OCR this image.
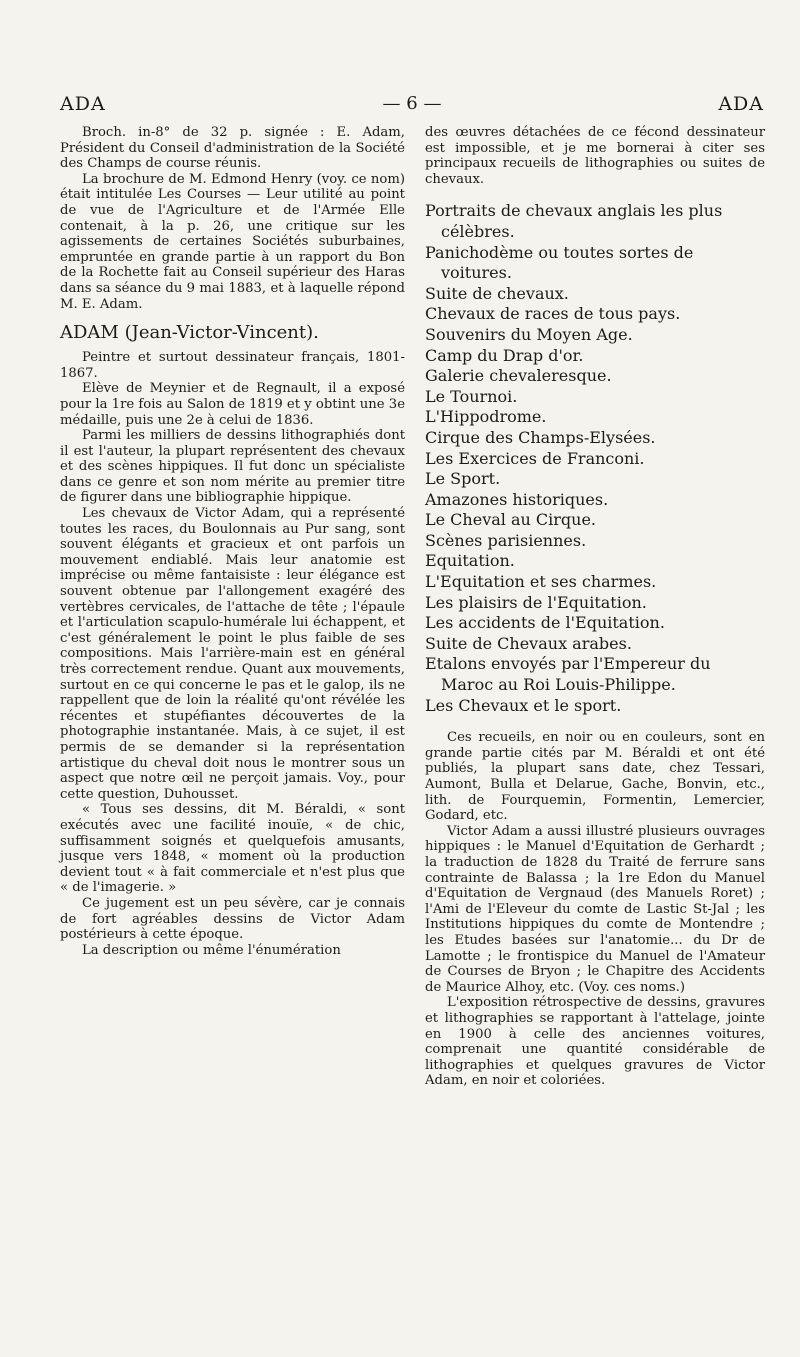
ADA	— 6 —	ADA

Broch. in-8° de 32 p. signée : E. Adam, Président du Conseil d'administration de la Société des Champs de course réunis.

La brochure de M. Edmond Henry (voy. ce nom) était intitulée Les Courses — Leur utilité au point de vue de l'Agriculture et de l'Armée Elle contenait, à la p. 26, une critique sur les agissements de certaines Sociétés suburbaines, empruntée en grande partie à un rapport du Bon de la Rochette fait au Conseil supérieur des Haras dans sa séance du 9 mai 1883, et à laquelle répond M. E. Adam.

ADAM (Jean-Victor-Vincent).

Peintre et surtout dessinateur français, 1801-1867.

Elève de Meynier et de Regnault, il a exposé pour la 1re fois au Salon de 1819 et y obtint une 3e médaille, puis une 2e à celui de 1836.

Parmi les milliers de dessins lithographiés dont il est l'auteur, la plupart représentent des chevaux et des scènes hippiques. Il fut donc un spécialiste dans ce genre et son nom mérite au premier titre de figurer dans une bibliographie hippique.

Les chevaux de Victor Adam, qui a représenté toutes les races, du Boulonnais au Pur sang, sont souvent élégants et gracieux et ont parfois un mouvement endiablé. Mais leur anatomie est imprécise ou même fantaisiste : leur élégance est souvent obtenue par l'allongement exagéré des vertèbres cervicales, de l'attache de tête ; l'épaule et l'articulation scapulo-humérale lui échappent, et c'est généralement le point le plus faible de ses compositions. Mais l'arrière-main est en général très correctement rendue. Quant aux mouvements, surtout en ce qui concerne le pas et le galop, ils ne rappellent que de loin la réalité qu'ont révélée les récentes et stupéfiantes découvertes de la photographie instantanée. Mais, à ce sujet, il est permis de se demander si la représentation artistique du cheval doit nous le montrer sous un aspect que notre œil ne perçoit jamais. Voy., pour cette question, Duhousset.

« Tous ses dessins, dit M. Béraldi, « sont exécutés avec une facilité inouïe, « de chic, suffisamment soignés et quelquefois amusants, jusque vers 1848, « moment où la production devient tout « à fait commerciale et n'est plus que « de l'imagerie. »

Ce jugement est un peu sévère, car je connais de fort agréables dessins de Victor Adam postérieurs à cette époque.

La description ou même l'énumération

des œuvres détachées de ce fécond dessinateur est impossible, et je me bornerai à citer ses principaux recueils de lithographies ou suites de chevaux.

Portraits de chevaux anglais les plus célèbres.
Panichodème ou toutes sortes de voitures.
Suite de chevaux.
Chevaux de races de tous pays.
Souvenirs du Moyen Age.
Camp du Drap d'or.
Galerie chevaleresque.
Le Tournoi.
L'Hippodrome.
Cirque des Champs-Elysées.
Les Exercices de Franconi.
Le Sport.
Amazones historiques.
Le Cheval au Cirque.
Scènes parisiennes.
Equitation.
L'Equitation et ses charmes.
Les plaisirs de l'Equitation.
Les accidents de l'Equitation.
Suite de Chevaux arabes.
Etalons envoyés par l'Empereur du Maroc au Roi Louis-Philippe.
Les Chevaux et le sport.

Ces recueils, en noir ou en couleurs, sont en grande partie cités par M. Béraldi et ont été publiés, la plupart sans date, chez Tessari, Aumont, Bulla et Delarue, Gache, Bonvin, etc., lith. de Fourquemin, Formentin, Lemercier, Godard, etc.

Victor Adam a aussi illustré plusieurs ouvrages hippiques : le Manuel d'Equitation de Gerhardt ; la traduction de 1828 du Traité de ferrure sans contrainte de Balassa ; la 1re Edon du Manuel d'Equitation de Vergnaud (des Manuels Roret) ; l'Ami de l'Eleveur du comte de Lastic St-Jal ; les Institutions hippiques du comte de Montendre ; les Etudes basées sur l'anatomie... du Dr de Lamotte ; le frontispice du Manuel de l'Amateur de Courses de Bryon ; le Chapitre des Accidents de Maurice Alhoy, etc. (Voy. ces noms.)

L'exposition rétrospective de dessins, gravures et lithographies se rapportant à l'attelage, jointe en 1900 à celle des anciennes voitures, comprenait une quantité considérable de lithographies et quelques gravures de Victor Adam, en noir et coloriées.
